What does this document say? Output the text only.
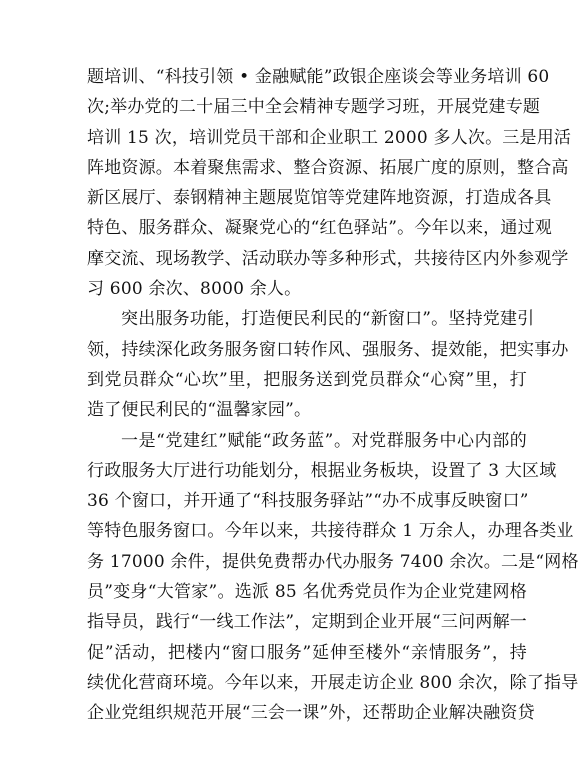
题培训、“科技引领 • 金融赋能”政银企座谈会等业务培训 60
次;举办党的二十届三中全会精神专题学习班，开展党建专题
培训 15 次，培训党员干部和企业职工 2000 多人次。三是用活
阵地资源。本着聚焦需求、整合资源、拓展广度的原则，整合高
新区展厅、泰钢精神主题展览馆等党建阵地资源，打造成各具
特色、服务群众、凝聚党心的“红色驿站”。今年以来，通过观
摩交流、现场教学、活动联办等多种形式，共接待区内外参观学
习 600 余次、8000 余人。
突出服务功能，打造便民利民的“新窗口”。坚持党建引
领，持续深化政务服务窗口转作风、强服务、提效能，把实事办
到党员群众“心坎”里，把服务送到党员群众“心窝”里，打
造了便民利民的“温馨家园”。
一是“党建红”赋能“政务蓝”。对党群服务中心内部的
行政服务大厅进行功能划分，根据业务板块，设置了 3 大区域
36 个窗口，并开通了“科技服务驿站”“办不成事反映窗口”
等特色服务窗口。今年以来，共接待群众 1 万余人，办理各类业
务 17000 余件，提供免费帮办代办服务 7400 余次。二是“网格
员”变身“大管家”。选派 85 名优秀党员作为企业党建网格
指导员，践行“一线工作法”，定期到企业开展“三问两解一
促”活动，把楼内“窗口服务”延伸至楼外“亲情服务”，持
续优化营商环境。今年以来，开展走访企业 800 余次，除了指导
企业党组织规范开展“三会一课”外，还帮助企业解决融资贷
